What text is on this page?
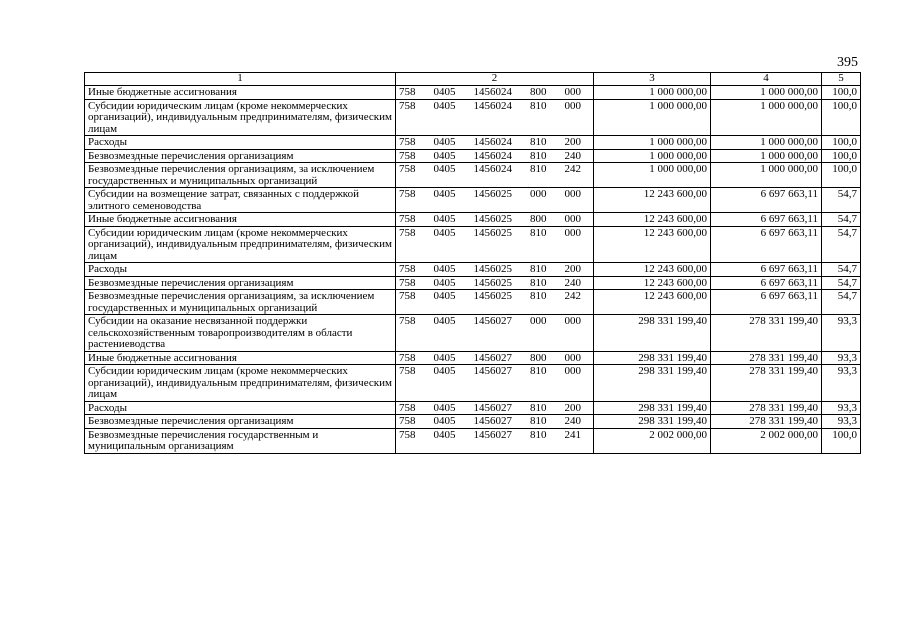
395
1	2	3	4	5
Иные бюджетные ассигнования	758 0405 1456024 800 000	1 000 000,00	1 000 000,00	100,0
Субсидии юридическим лицам (кроме некоммерческих организаций), индивидуальным предпринимателям, физическим лицам	758 0405 1456024 810 000	1 000 000,00	1 000 000,00	100,0
Расходы	758 0405 1456024 810 200	1 000 000,00	1 000 000,00	100,0
Безвозмездные перечисления организациям	758 0405 1456024 810 240	1 000 000,00	1 000 000,00	100,0
Безвозмездные перечисления организациям, за исключением государственных и муниципальных организаций	758 0405 1456024 810 242	1 000 000,00	1 000 000,00	100,0
Субсидии на возмещение затрат, связанных с поддержкой элитного семеноводства	758 0405 1456025 000 000	12 243 600,00	6 697 663,11	54,7
Иные бюджетные ассигнования	758 0405 1456025 800 000	12 243 600,00	6 697 663,11	54,7
Субсидии юридическим лицам (кроме некоммерческих организаций), индивидуальным предпринимателям, физическим лицам	758 0405 1456025 810 000	12 243 600,00	6 697 663,11	54,7
Расходы	758 0405 1456025 810 200	12 243 600,00	6 697 663,11	54,7
Безвозмездные перечисления организациям	758 0405 1456025 810 240	12 243 600,00	6 697 663,11	54,7
Безвозмездные перечисления организациям, за исключением государственных и муниципальных организаций	758 0405 1456025 810 242	12 243 600,00	6 697 663,11	54,7
Субсидии на оказание несвязанной поддержки сельскохозяйственным товаропроизводителям в области растениеводства	758 0405 1456027 000 000	298 331 199,40	278 331 199,40	93,3
Иные бюджетные ассигнования	758 0405 1456027 800 000	298 331 199,40	278 331 199,40	93,3
Субсидии юридическим лицам (кроме некоммерческих организаций), индивидуальным предпринимателям, физическим лицам	758 0405 1456027 810 000	298 331 199,40	278 331 199,40	93,3
Расходы	758 0405 1456027 810 200	298 331 199,40	278 331 199,40	93,3
Безвозмездные перечисления организациям	758 0405 1456027 810 240	298 331 199,40	278 331 199,40	93,3
Безвозмездные перечисления государственным и муниципальным организациям	758 0405 1456027 810 241	2 002 000,00	2 002 000,00	100,0
